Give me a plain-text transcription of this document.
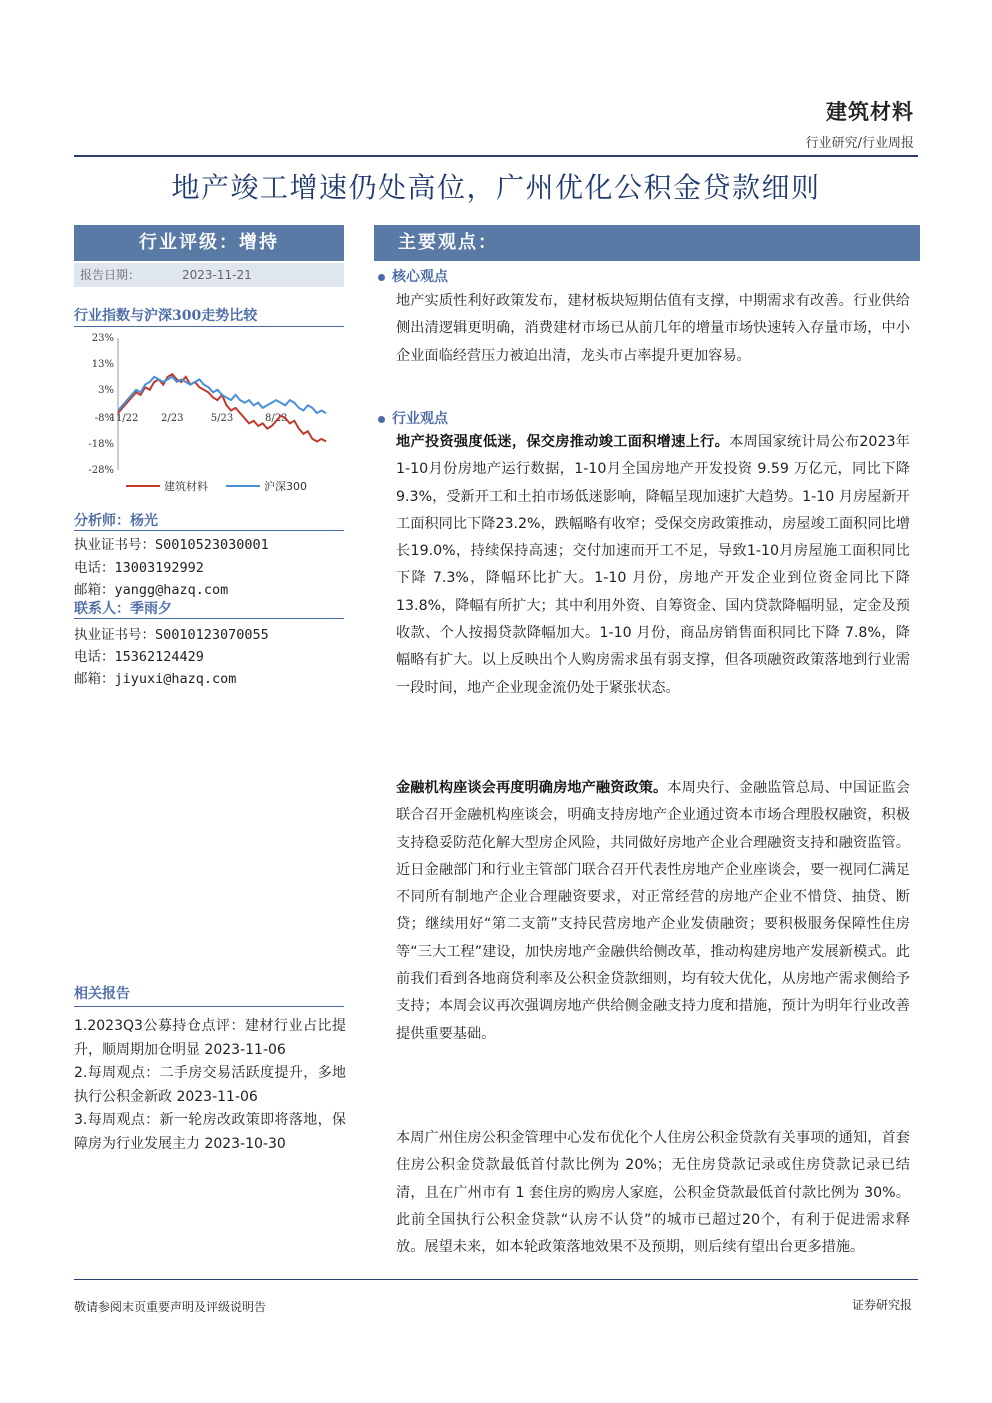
建筑材料
行业研究/行业周报
地产竣工增速仍处高位，广州优化公积金贷款细则
行业评级：增持
报告日期：	2023-11-21
行业指数与沪深300走势比较
23%
13%
3%
-8%
-18%
-28%
11/22 2/23	5/23	8/23
建筑材料	沪深300
分析师：杨光
执业证书号：S0010523030001
电话：13003192992
邮箱：yangg@hazq.com
联系人：季雨夕
执业证书号：S0010123070055
电话：15362124429
邮箱：jiyuxi@hazq.com
相关报告
1.2023Q3公募持仓点评：建材行业占比提升，顺周期加仓明显 2023-11-06
2.每周观点：二手房交易活跃度提升，多地执行公积金新政 2023-11-06
3.每周观点：新一轮房改政策即将落地，保障房为行业发展主力 2023-10-30
主要观点：
核心观点
地产实质性利好政策发布，建材板块短期估值有支撑，中期需求有改善。行业供给侧出清逻辑更明确，消费建材市场已从前几年的增量市场快速转入存量市场，中小企业面临经营压力被迫出清，龙头市占率提升更加容易。
行业观点
地产投资强度低迷，保交房推动竣工面积增速上行。本周国家统计局公布2023年1-10月份房地产运行数据，1-10月全国房地产开发投资 9.59 万亿元，同比下降 9.3%，受新开工和土拍市场低迷影响，降幅呈现加速扩大趋势。1-10 月房屋新开工面积同比下降23.2%，跌幅略有收窄；受保交房政策推动，房屋竣工面积同比增长19.0%，持续保持高速；交付加速而开工不足，导致1-10月房屋施工面积同比下降 7.3%，降幅环比扩大。1-10 月份，房地产开发企业到位资金同比下降 13.8%，降幅有所扩大；其中利用外资、自筹资金、国内贷款降幅明显，定金及预收款、个人按揭贷款降幅加大。1-10 月份，商品房销售面积同比下降 7.8%，降幅略有扩大。以上反映出个人购房需求虽有弱支撑，但各项融资政策落地到行业需一段时间，地产企业现金流仍处于紧张状态。
金融机构座谈会再度明确房地产融资政策。本周央行、金融监管总局、中国证监会联合召开金融机构座谈会，明确支持房地产企业通过资本市场合理股权融资，积极支持稳妥防范化解大型房企风险，共同做好房地产企业合理融资支持和融资监管。近日金融部门和行业主管部门联合召开代表性房地产企业座谈会，要一视同仁满足不同所有制地产企业合理融资要求，对正常经营的房地产企业不惜贷、抽贷、断贷；继续用好“第二支箭”支持民营房地产企业发债融资；要积极服务保障性住房等“三大工程”建设，加快房地产金融供给侧改革，推动构建房地产发展新模式。此前我们看到各地商贷利率及公积金贷款细则，均有较大优化，从房地产需求侧给予支持；本周会议再次强调房地产供给侧金融支持力度和措施，预计为明年行业改善提供重要基础。
本周广州住房公积金管理中心发布优化个人住房公积金贷款有关事项的通知，首套住房公积金贷款最低首付款比例为 20%；无住房贷款记录或住房贷款记录已结清，且在广州市有 1 套住房的购房人家庭，公积金贷款最低首付款比例为 30%。此前全国执行公积金贷款“认房不认贷”的城市已超过20个，有利于促进需求释放。展望未来，如本轮政策落地效果不及预期，则后续有望出台更多措施。
敬请参阅末页重要声明及评级说明告	证券研究报
